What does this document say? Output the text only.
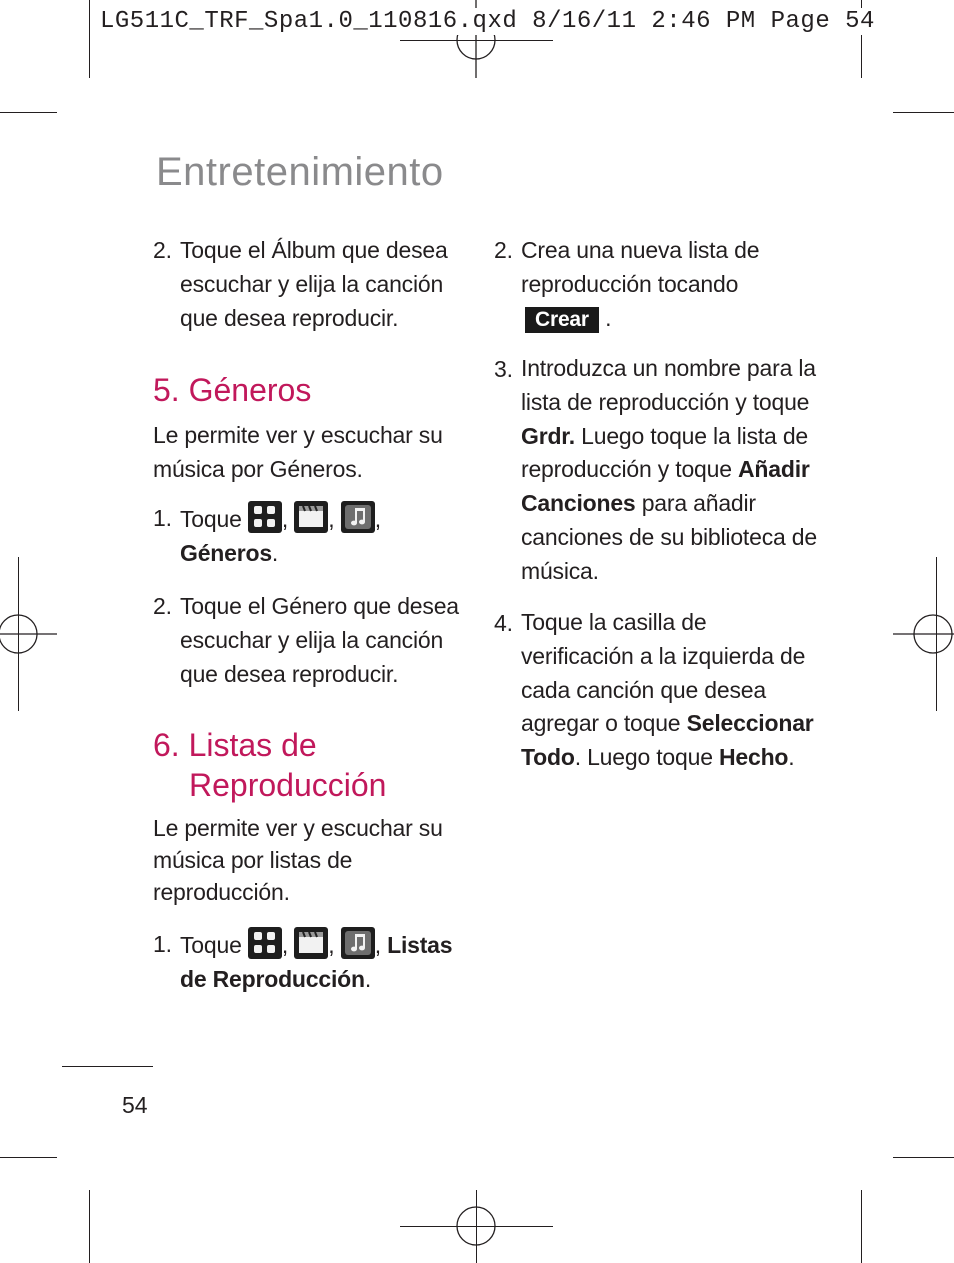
LG511C_TRF_Spa1.0_110816.qxd 8/16/11 2:46 PM Page 54
Entretenimiento
2. Toque el Álbum que desea
escuchar y elija la canción
que desea reproducir.
5. Géneros
Le permite ver y escuchar su
música por Géneros.
1. Toque , , ,
Géneros.
2. Toque el Género que desea
escuchar y elija la canción
que desea reproducir.
6. Listas de
Reproducción
Le permite ver y escuchar su
música por listas de
reproducción.
1. Toque , , , Listas
de Reproducción.
2. Crea una nueva lista de
reproducción tocando
Crear .
3. Introduzca un nombre para la
lista de reproducción y toque
Grdr. Luego toque la lista de
reproducción y toque Añadir
Canciones para añadir
canciones de su biblioteca de
música.
4. Toque la casilla de
verificación a la izquierda de
cada canción que desea
agregar o toque Seleccionar
Todo. Luego toque Hecho.
54
